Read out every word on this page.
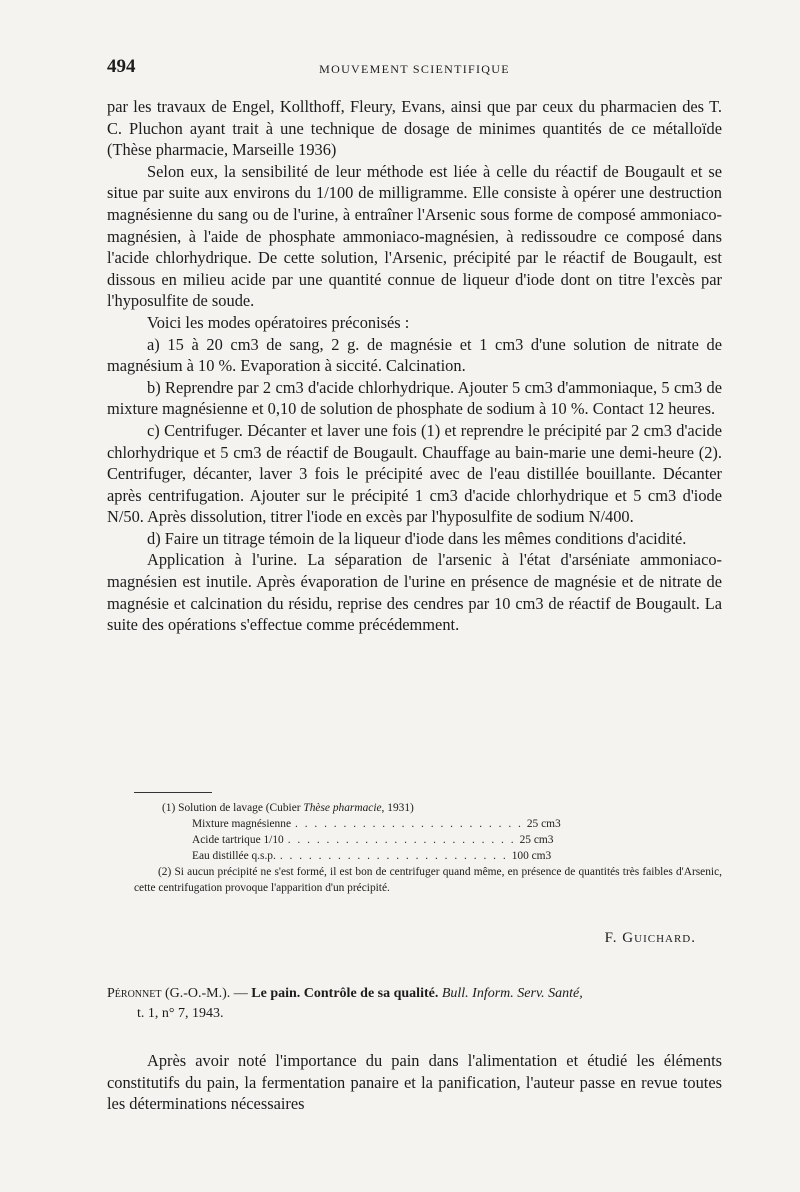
494	MOUVEMENT SCIENTIFIQUE

par les travaux de Engel, Kollthoff, Fleury, Evans, ainsi que par ceux du pharmacien des T. C. Pluchon ayant trait à une technique de dosage de minimes quantités de ce métalloïde (Thèse pharmacie, Marseille 1936)

Selon eux, la sensibilité de leur méthode est liée à celle du réactif de Bougault et se situe par suite aux environs du 1/100 de milligramme. Elle consiste à opérer une destruction magnésienne du sang ou de l'urine, à entraîner l'Arsenic sous forme de composé ammoniaco-magnésien, à l'aide de phosphate ammoniaco-magnésien, à redissoudre ce composé dans l'acide chlorhydrique. De cette solution, l'Arsenic, précipité par le réactif de Bougault, est dissous en milieu acide par une quantité connue de liqueur d'iode dont on titre l'excès par l'hyposulfite de soude.

Voici les modes opératoires préconisés :

a) 15 à 20 cm3 de sang, 2 g. de magnésie et 1 cm3 d'une solution de nitrate de magnésium à 10 %. Evaporation à siccité. Calcination.

b) Reprendre par 2 cm3 d'acide chlorhydrique. Ajouter 5 cm3 d'ammoniaque, 5 cm3 de mixture magnésienne et 0,10 de solution de phosphate de sodium à 10 %. Contact 12 heures.

c) Centrifuger. Décanter et laver une fois (1) et reprendre le précipité par 2 cm3 d'acide chlorhydrique et 5 cm3 de réactif de Bougault. Chauffage au bain-marie une demi-heure (2). Centrifuger, décanter, laver 3 fois le précipité avec de l'eau distillée bouillante. Décanter après centrifugation. Ajouter sur le précipité 1 cm3 d'acide chlorhydrique et 5 cm3 d'iode N/50. Après dissolution, titrer l'iode en excès par l'hyposulfite de sodium N/400.

d) Faire un titrage témoin de la liqueur d'iode dans les mêmes conditions d'acidité.

Application à l'urine. La séparation de l'arsenic à l'état d'arséniate ammoniaco-magnésien est inutile. Après évaporation de l'urine en présence de magnésie et de nitrate de magnésie et calcination du résidu, reprise des cendres par 10 cm3 de réactif de Bougault. La suite des opérations s'effectue comme précédemment.

(1) Solution de lavage (Cubier Thèse pharmacie, 1931)

Mixture magnésienne . . . . . . . . . . . . . . . . . . . . . . . . 25 cm3
Acide tartrique 1/10 . . . . . . . . . . . . . . . . . . . . . . . . 25 cm3
Eau distillée q.s.p. . . . . . . . . . . . . . . . . . . . . . . . . 100 cm3

(2) Si aucun précipité ne s'est formé, il est bon de centrifuger quand même, en présence de quantités très faibles d'Arsenic, cette centrifugation provoque l'apparition d'un précipité.

F. Guichard.
Péronnet (G.-O.-M.). — Le pain. Contrôle de sa qualité. Bull. Inform. Serv. Santé,
t. 1, n° 7, 1943.

Après avoir noté l'importance du pain dans l'alimentation et étudié les éléments constitutifs du pain, la fermentation panaire et la panification, l'auteur passe en revue toutes les déterminations nécessaires
